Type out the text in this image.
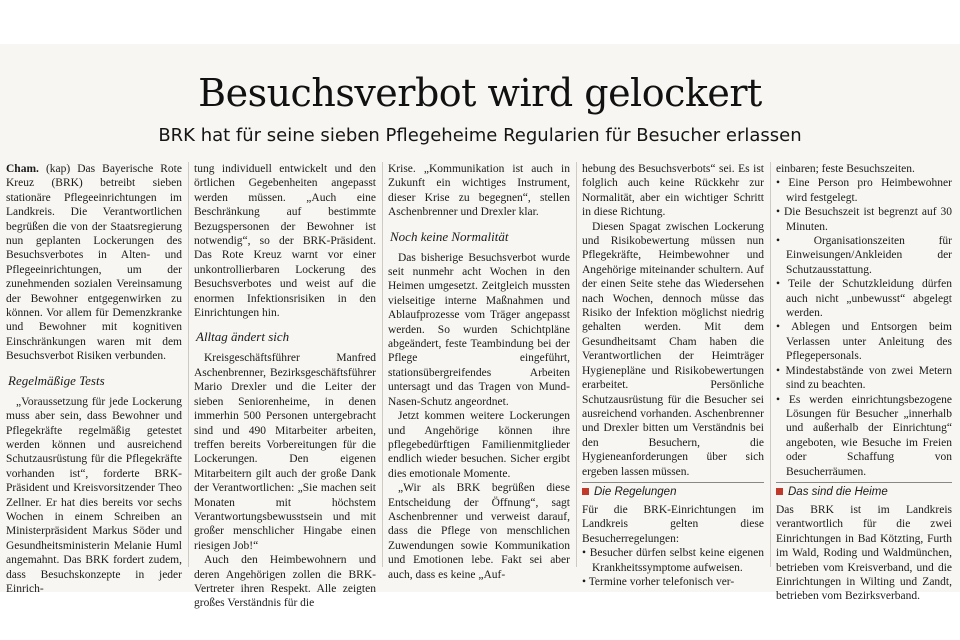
Besuchsverbot wird gelockert
BRK hat für seine sieben Pflegeheime Regularien für Besucher erlassen

Cham. (kap) Das Bayerische Rote Kreuz (BRK) betreibt sieben stationäre Pflegeeinrichtungen im Landkreis. Die Verantwortlichen begrüßen die von der Staatsregierung nun geplanten Lockerungen des Besuchsverbotes in Alten- und Pflegeeinrichtungen, um der zunehmenden sozialen Vereinsamung der Bewohner entgegenwirken zu können. Vor allem für Demenzkranke und Bewohner mit kognitiven Einschränkungen waren mit dem Besuchsverbot Risiken verbunden.

Regelmäßige Tests

„Voraussetzung für jede Lockerung muss aber sein, dass Bewohner und Pflegekräfte regelmäßig getestet werden können und ausreichend Schutzausrüstung für die Pflegekräfte vorhanden ist“, forderte BRK-Präsident und Kreisvorsitzender Theo Zellner. Er hat dies bereits vor sechs Wochen in einem Schreiben an Ministerpräsident Markus Söder und Gesundheitsministerin Melanie Huml angemahnt. Das BRK fordert zudem, dass Besuchskonzepte in jeder Einrich-

tung individuell entwickelt und den örtlichen Gegebenheiten angepasst werden müssen. „Auch eine Beschränkung auf bestimmte Bezugspersonen der Bewohner ist notwendig“, so der BRK-Präsident. Das Rote Kreuz warnt vor einer unkontrollierbaren Lockerung des Besuchsverbotes und weist auf die enormen Infektionsrisiken in den Einrichtungen hin.

Alltag ändert sich

Kreisgeschäftsführer Manfred Aschenbrenner, Bezirksgeschäftsführer Mario Drexler und die Leiter der sieben Seniorenheime, in denen immerhin 500 Personen untergebracht sind und 490 Mitarbeiter arbeiten, treffen bereits Vorbereitungen für die Lockerungen. Den eigenen Mitarbeitern gilt auch der große Dank der Verantwortlichen: „Sie machen seit Monaten mit höchstem Verantwortungsbewusstsein und mit großer menschlicher Hingabe einen riesigen Job!“

Auch den Heimbewohnern und deren Angehörigen zollen die BRK-Vertreter ihren Respekt. Alle zeigten großes Verständnis für die

Krise. „Kommunikation ist auch in Zukunft ein wichtiges Instrument, dieser Krise zu begegnen“, stellen Aschenbrenner und Drexler klar.

Noch keine Normalität

Das bisherige Besuchsverbot wurde seit nunmehr acht Wochen in den Heimen umgesetzt. Zeitgleich mussten vielseitige interne Maßnahmen und Ablaufprozesse vom Träger angepasst werden. So wurden Schichtpläne abgeändert, feste Teambindung bei der Pflege eingeführt, stationsübergreifendes Arbeiten untersagt und das Tragen von Mund-Nasen-Schutz angeordnet.

Jetzt kommen weitere Lockerungen und Angehörige können ihre pflegebedürftigen Familienmitglieder endlich wieder besuchen. Sicher ergibt dies emotionale Momente.

„Wir als BRK begrüßen diese Entscheidung der Öffnung“, sagt Aschenbrenner und verweist darauf, dass die Pflege von menschlichen Zuwendungen sowie Kommunikation und Emotionen lebe. Fakt sei aber auch, dass es keine „Auf-

hebung des Besuchsverbots“ sei. Es ist folglich auch keine Rückkehr zur Normalität, aber ein wichtiger Schritt in diese Richtung.

Diesen Spagat zwischen Lockerung und Risikobewertung müssen nun Pflegekräfte, Heimbewohner und Angehörige miteinander schultern. Auf der einen Seite stehe das Wiedersehen nach Wochen, dennoch müsse das Risiko der Infektion möglichst niedrig gehalten werden. Mit dem Gesundheitsamt Cham haben die Verantwortlichen der Heimträger Hygienepläne und Risikobewertungen erarbeitet. Persönliche Schutzausrüstung für die Besucher sei ausreichend vorhanden. Aschenbrenner und Drexler bitten um Verständnis bei den Besuchern, die Hygieneanforderungen über sich ergeben lassen müssen.

Die Regelungen

Für die BRK-Einrichtungen im Landkreis gelten diese Besucherregelungen:

• Besucher dürfen selbst keine eigenen Krankheitssymptome aufweisen.
• Termine vorher telefonisch ver-

einbaren; feste Besuchszeiten.

• Eine Person pro Heimbewohner wird festgelegt.
• Die Besuchszeit ist begrenzt auf 30 Minuten.
• Organisationszeiten für Einweisungen/Ankleiden der Schutzausstattung.
• Teile der Schutzkleidung dürfen auch nicht „unbewusst“ abgelegt werden.
• Ablegen und Entsorgen beim Verlassen unter Anleitung des Pflegepersonals.
• Mindestabstände von zwei Metern sind zu beachten.
• Es werden einrichtungsbezogene Lösungen für Besucher „innerhalb und außerhalb der Einrichtung“ angeboten, wie Besuche im Freien oder Schaffung von Besucherräumen.
Das sind die Heime

Das BRK ist im Landkreis verantwortlich für die zwei Einrichtungen in Bad Kötzting, Furth im Wald, Roding und Waldmünchen, betrieben vom Kreisverband, und die Einrichtungen in Wilting und Zandt, betrieben vom Bezirksverband.
